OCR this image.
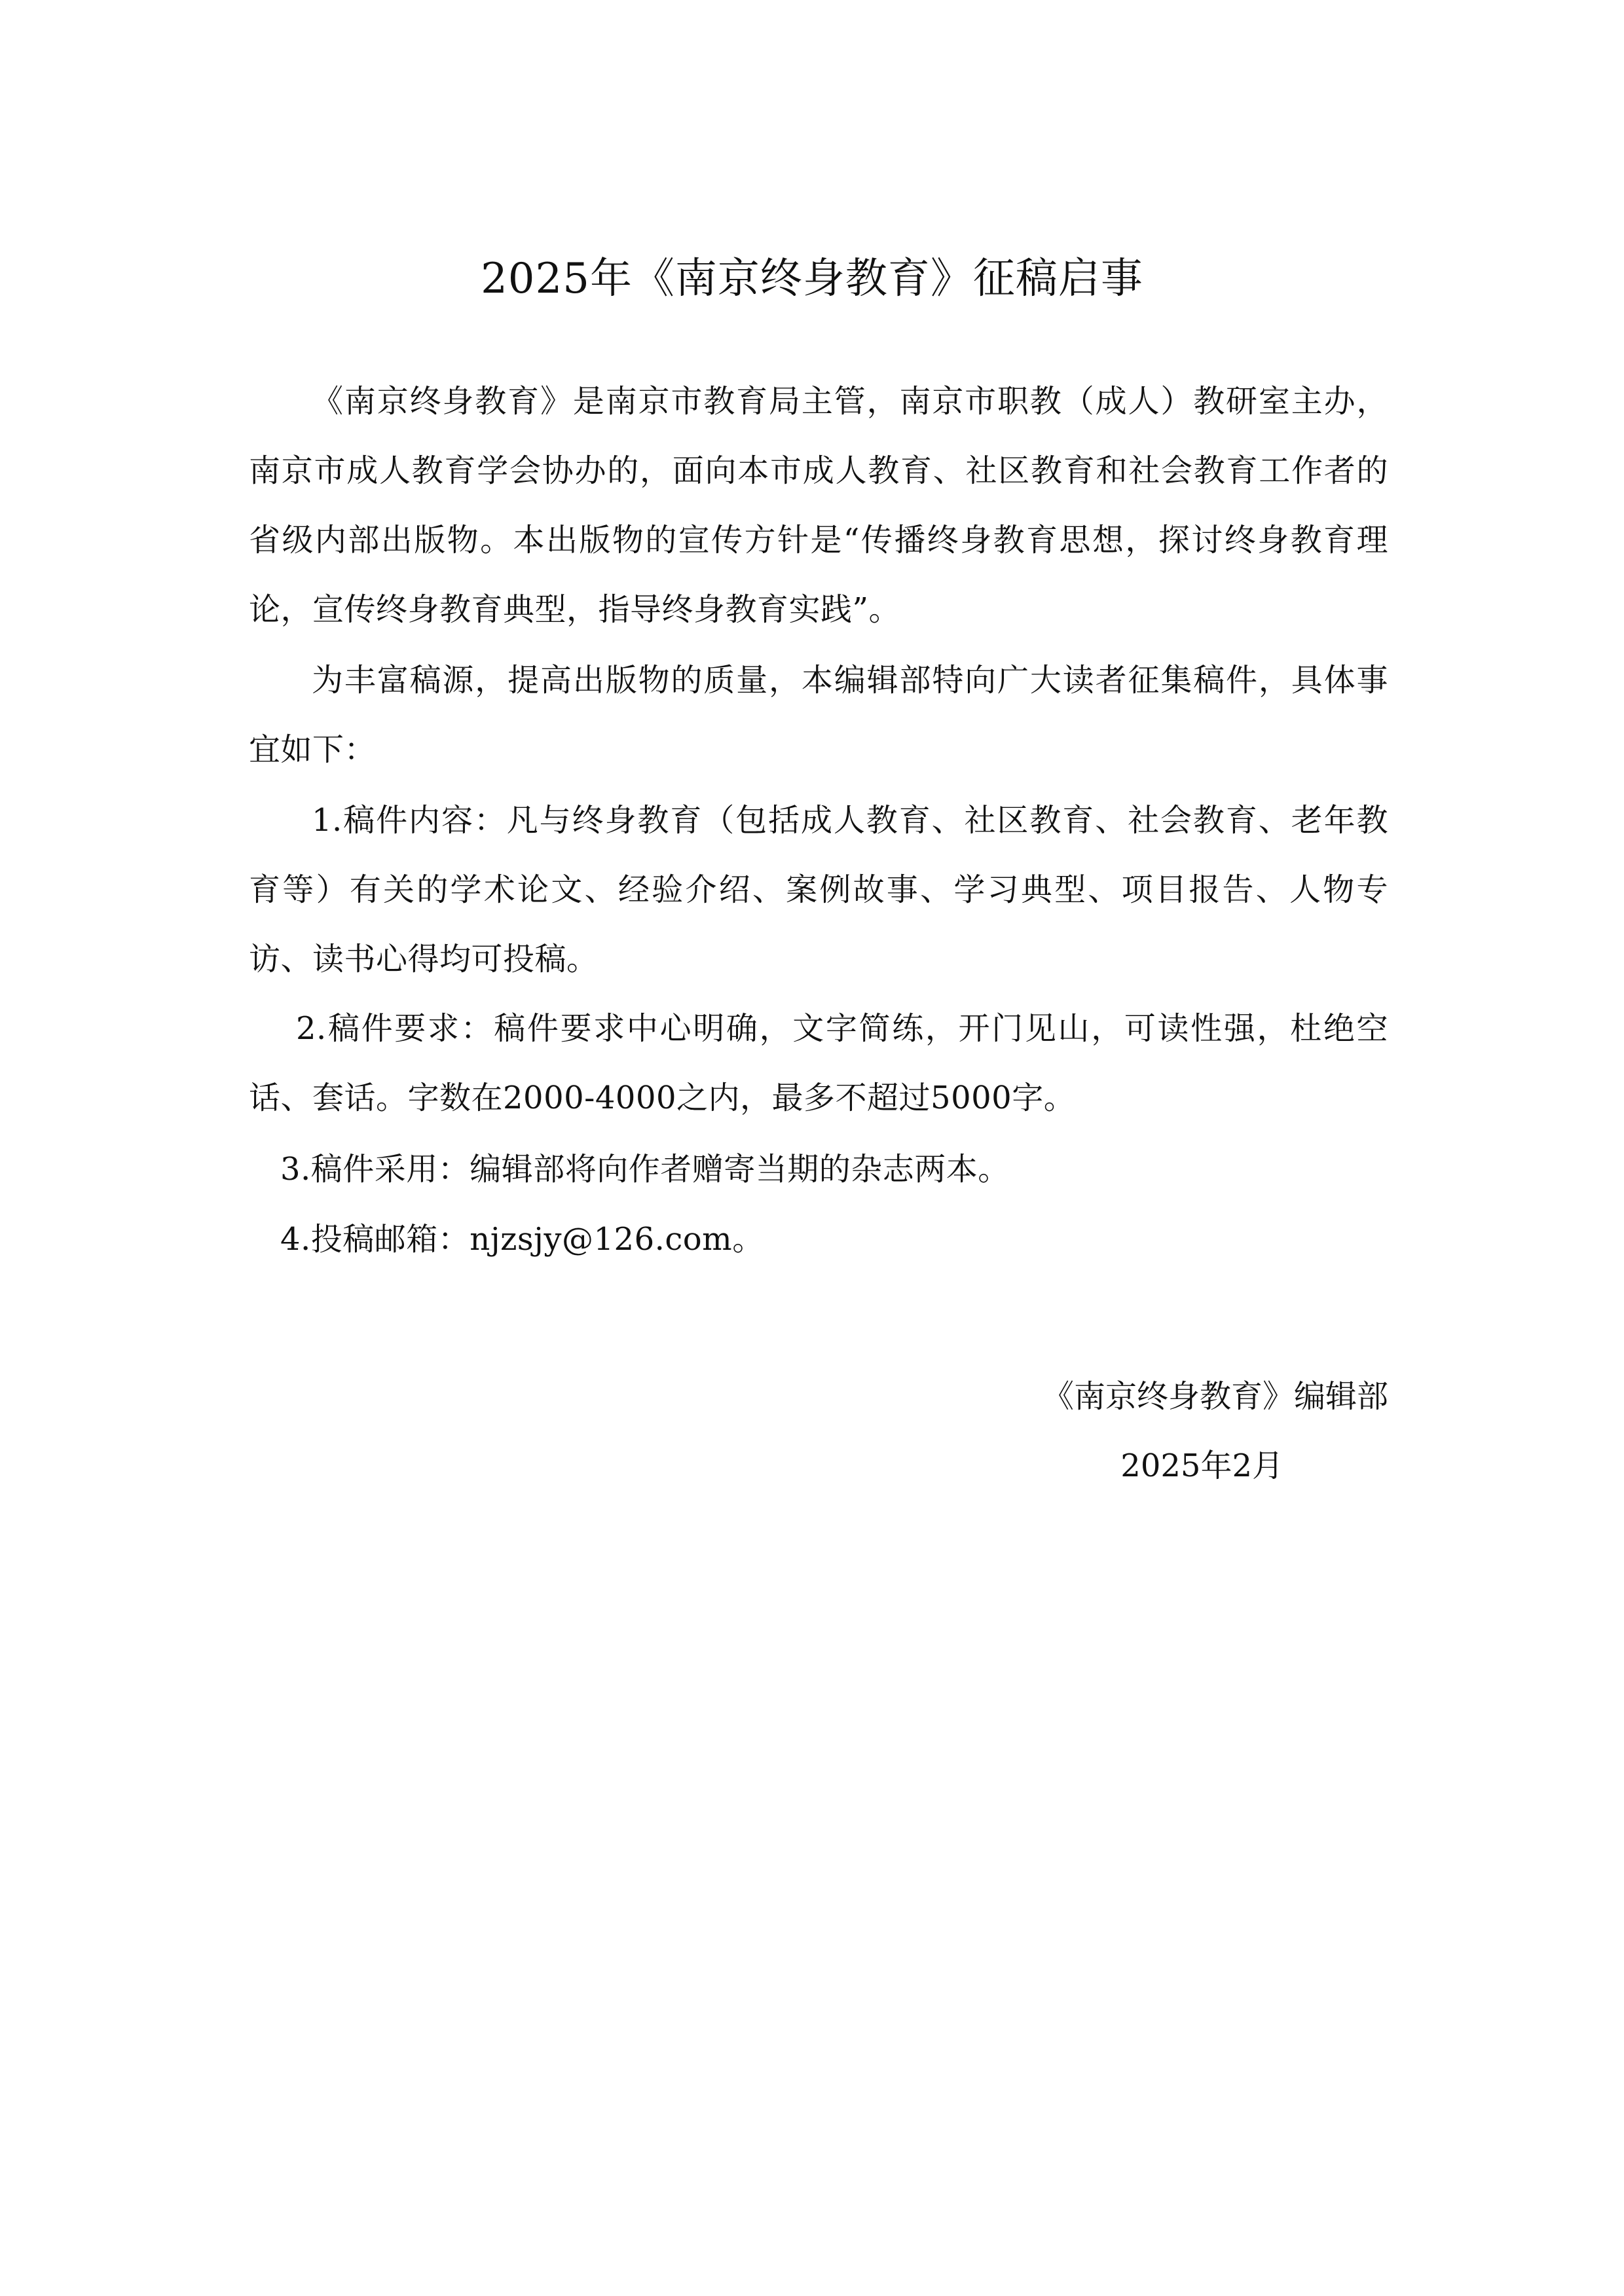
2025年《南京终身教育》征稿启事
《南京终身教育》是南京市教育局主管，南京市职教（成人）教研室主办，南京市成人教育学会协办的，面向本市成人教育、社区教育和社会教育工作者的省级内部出版物。本出版物的宣传方针是“传播终身教育思想，探讨终身教育理论，宣传终身教育典型，指导终身教育实践”。
为丰富稿源，提高出版物的质量，本编辑部特向广大读者征集稿件，具体事宜如下：
1.稿件内容：凡与终身教育（包括成人教育、社区教育、社会教育、老年教育等）有关的学术论文、经验介绍、案例故事、学习典型、项目报告、人物专访、读书心得均可投稿。
2.稿件要求：稿件要求中心明确，文字简练，开门见山，可读性强，杜绝空话、套话。字数在2000-4000之内，最多不超过5000字。
3.稿件采用：编辑部将向作者赠寄当期的杂志两本。
4.投稿邮箱：njzsjy@126.com。
《南京终身教育》编辑部
2025年2月
